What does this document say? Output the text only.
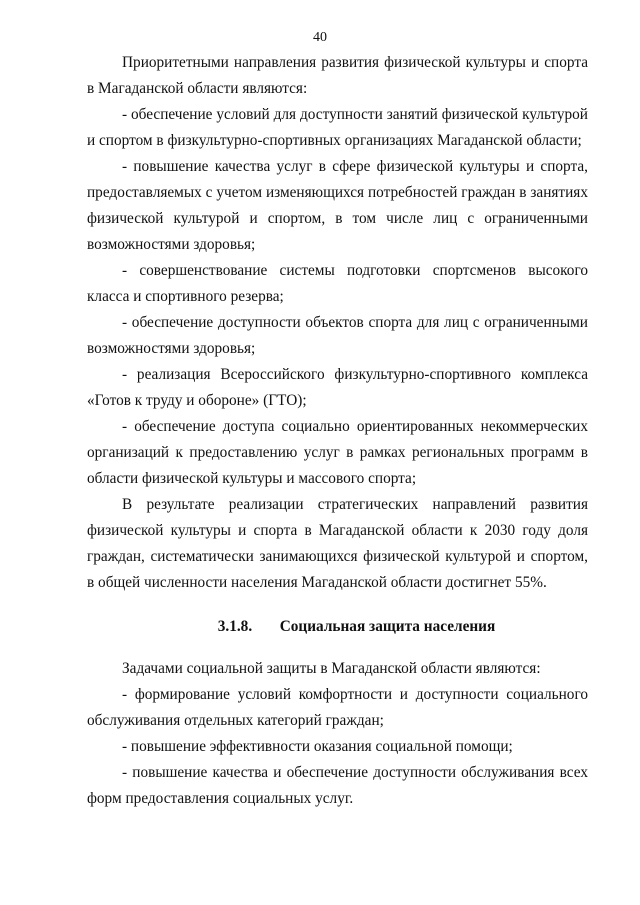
40

Приоритетными направления развития физической культуры и спорта в Магаданской области являются:

- обеспечение условий для доступности занятий физической культурой и спортом в физкультурно-спортивных организациях Магаданской области;

- повышение качества услуг в сфере физической культуры и спорта, предоставляемых с учетом изменяющихся потребностей граждан в занятиях физической культурой и спортом, в том числе лиц с ограниченными возможностями здоровья;

- совершенствование системы подготовки спортсменов высокого класса и спортивного резерва;

- обеспечение доступности объектов спорта для лиц с ограниченными возможностями здоровья;

- реализация Всероссийского физкультурно-спортивного комплекса «Готов к труду и обороне» (ГТО);

- обеспечение доступа социально ориентированных некоммерческих организаций к предоставлению услуг в рамках региональных программ в области физической культуры и массового спорта;

В результате реализации стратегических направлений развития физической культуры и спорта в Магаданской области к 2030 году доля граждан, систематически занимающихся физической культурой и спортом, в общей численности населения Магаданской области достигнет 55%.

3.1.8. Социальная защита населения

Задачами социальной защиты в Магаданской области являются:

- формирование условий комфортности и доступности социального обслуживания отдельных категорий граждан;

- повышение эффективности оказания социальной помощи;

- повышение качества и обеспечение доступности обслуживания всех форм предоставления социальных услуг.
